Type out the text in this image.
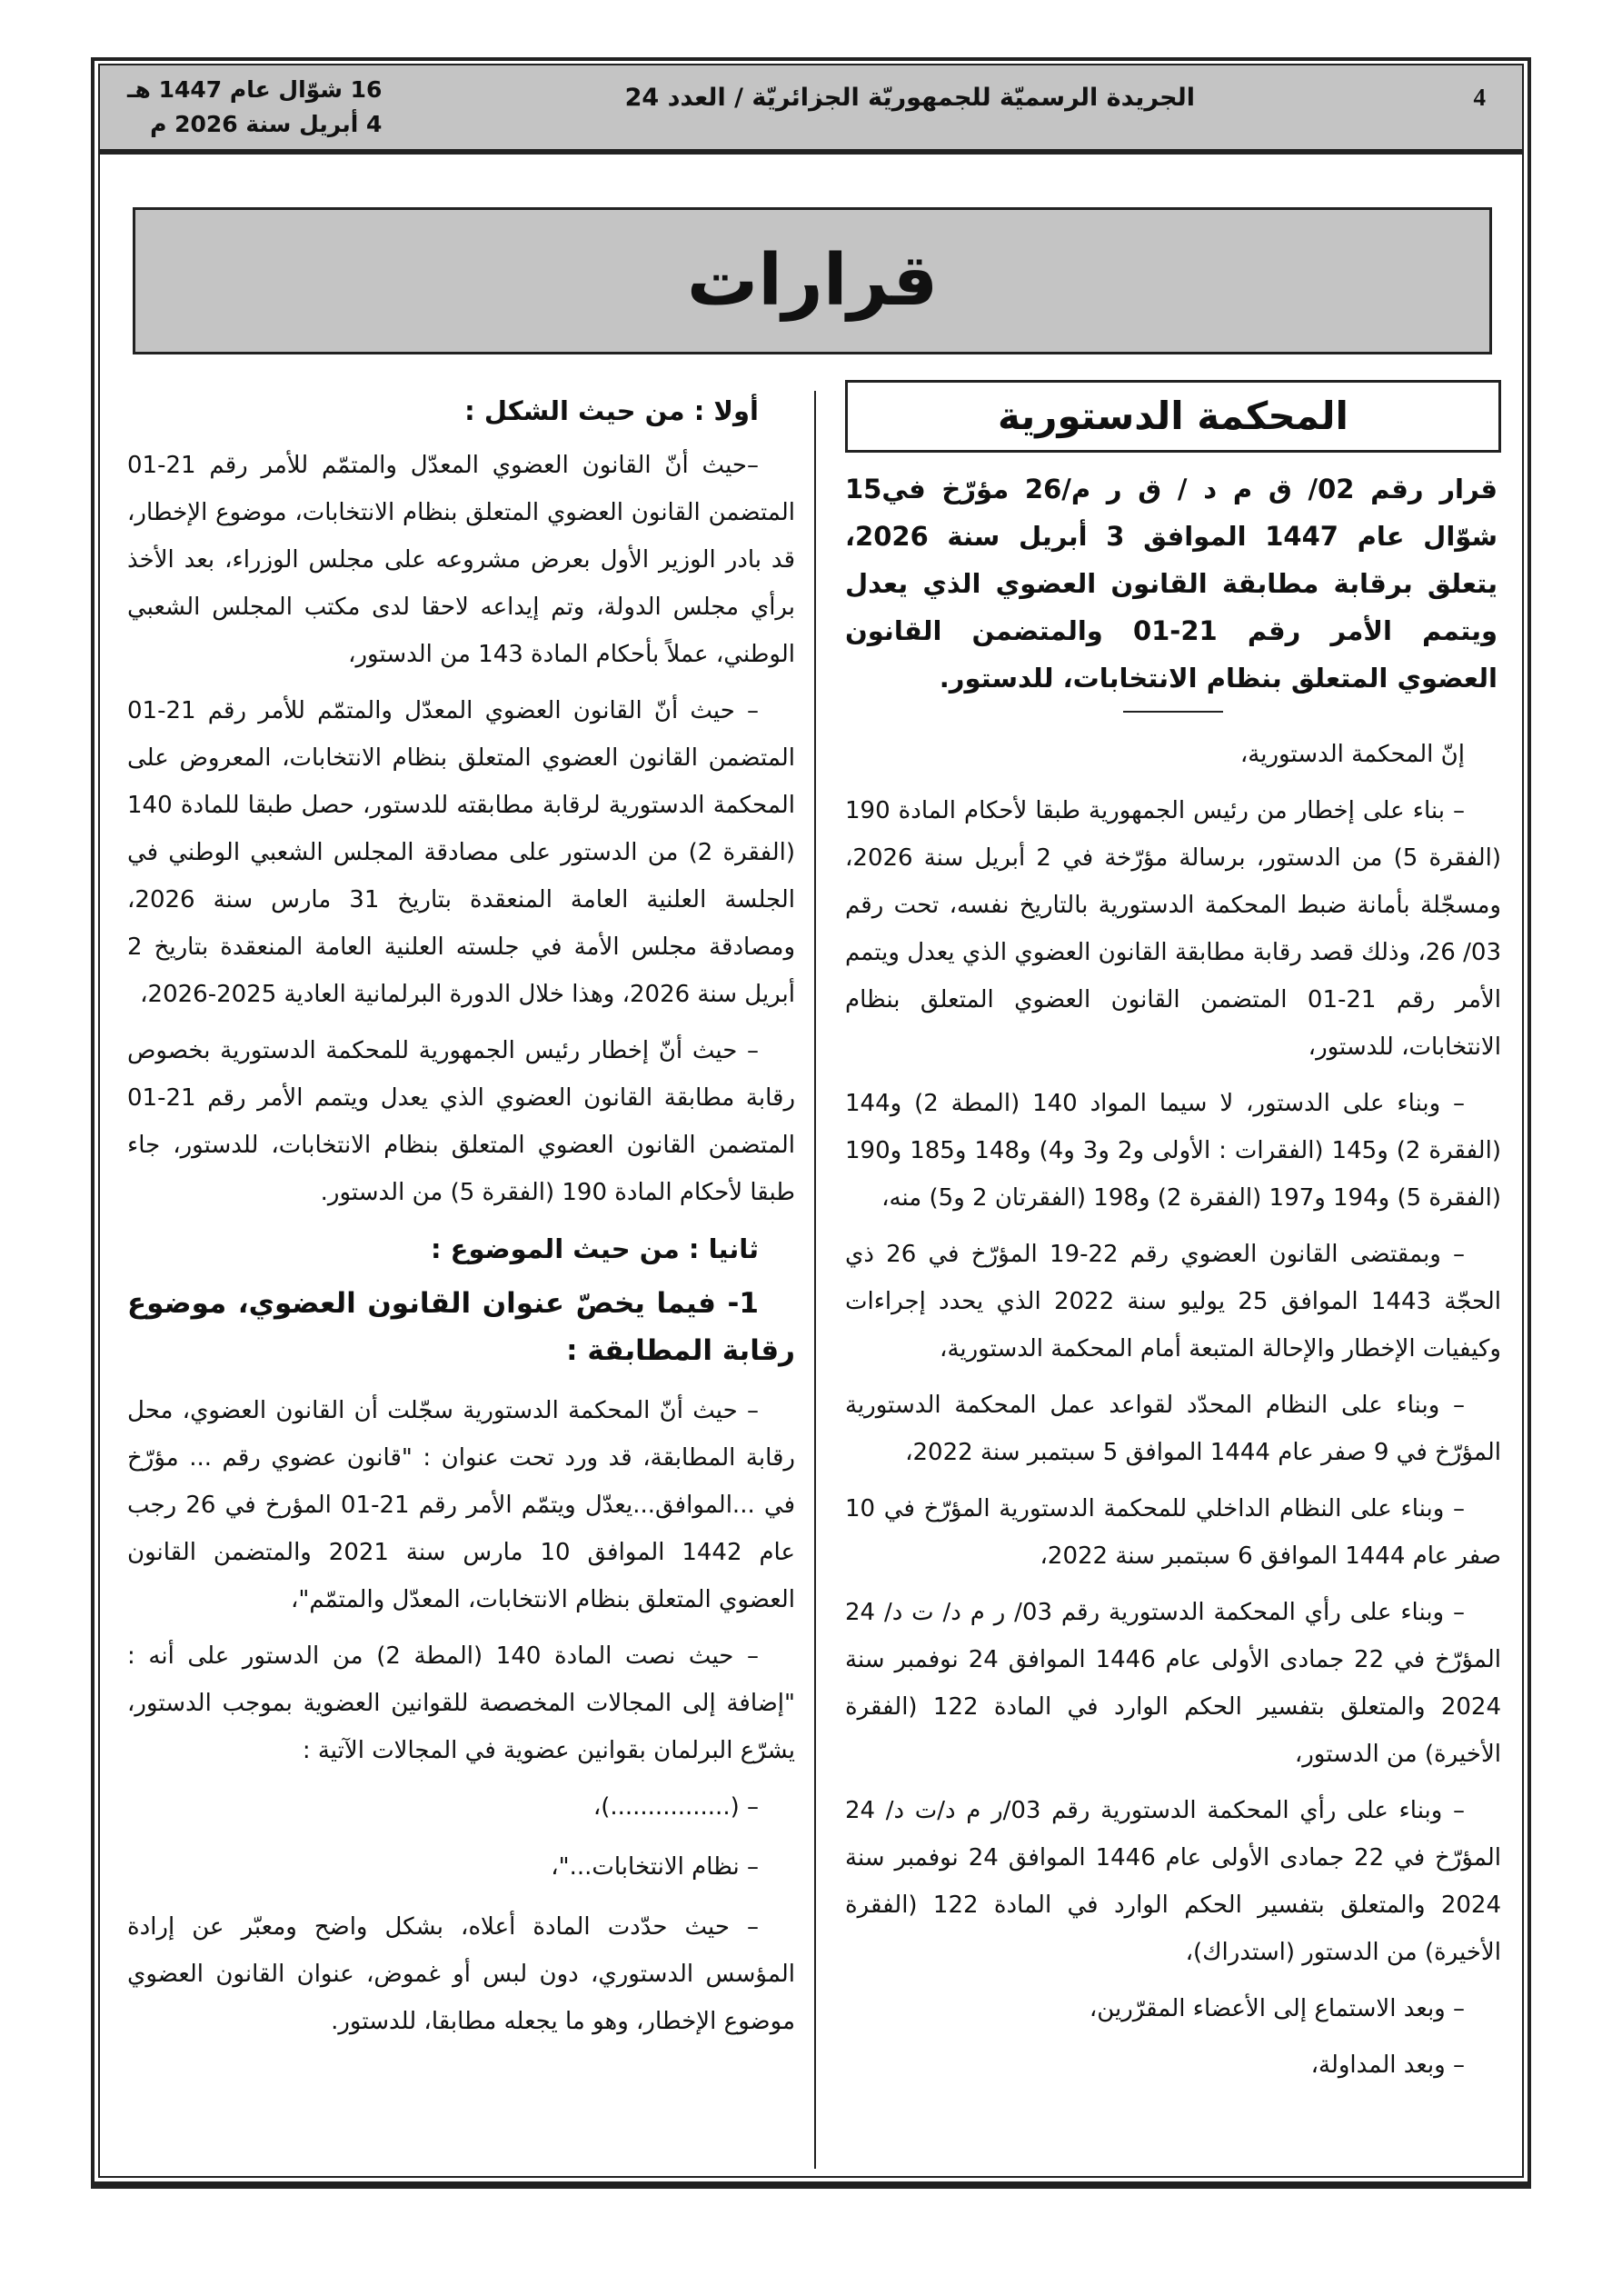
4
الجريدة الرسميّة للجمهوريّة الجزائريّة / العدد 24
16 شوّال عام 1447 هـ
4 أبريل سنة 2026 م
قرارات
المحكمة الدستورية
قرار رقم 02/ ق م د / ق ر م/26 مؤرّخ في15 شوّال عام 1447 الموافق 3 أبريل سنة 2026، يتعلق برقابة مطابقة القانون العضوي الذي يعدل ويتمم الأمر رقم 21-01 والمتضمن القانون العضوي المتعلق بنظام الانتخابات، للدستور.

إنّ المحكمة الدستورية،

– بناء على إخطار من رئيس الجمهورية طبقا لأحكام المادة 190 (الفقرة 5) من الدستور، برسالة مؤرّخة في 2 أبريل سنة 2026، ومسجّلة بأمانة ضبط المحكمة الدستورية بالتاريخ نفسه، تحت رقم 03/ 26، وذلك قصد رقابة مطابقة القانون العضوي الذي يعدل ويتمم الأمر رقم 21-01 المتضمن القانون العضوي المتعلق بنظام الانتخابات، للدستور،

– وبناء على الدستور، لا سيما المواد 140 (المطة 2) و144 (الفقرة 2) و145 (الفقرات : الأولى و2 و3 و4) و148 و185 و190 (الفقرة 5) و194 و197 (الفقرة 2) و198 (الفقرتان 2 و5) منه،

– وبمقتضى القانون العضوي رقم 22-19 المؤرّخ في 26 ذي الحجّة 1443 الموافق 25 يوليو سنة 2022 الذي يحدد إجراءات وكيفيات الإخطار والإحالة المتبعة أمام المحكمة الدستورية،

– وبناء على النظام المحدّد لقواعد عمل المحكمة الدستورية المؤرّخ في 9 صفر عام 1444 الموافق 5 سبتمبر سنة 2022،

– وبناء على النظام الداخلي للمحكمة الدستورية المؤرّخ في 10 صفر عام 1444 الموافق 6 سبتمبر سنة 2022،

– وبناء على رأي المحكمة الدستورية رقم 03/ ر م د/ ت د/ 24 المؤرّخ في 22 جمادى الأولى عام 1446 الموافق 24 نوفمبر سنة 2024 والمتعلق بتفسير الحكم الوارد في المادة 122 (الفقرة الأخيرة) من الدستور،

– وبناء على رأي المحكمة الدستورية رقم 03/ر م د/ت د/ 24 المؤرّخ في 22 جمادى الأولى عام 1446 الموافق 24 نوفمبر سنة 2024 والمتعلق بتفسير الحكم الوارد في المادة 122 (الفقرة الأخيرة) من الدستور (استدراك)،

– وبعد الاستماع إلى الأعضاء المقرّرين،

– وبعد المداولة،

أولا : من حيث الشكل :

–حيث أنّ القانون العضوي المعدّل والمتمّم للأمر رقم 21-01 المتضمن القانون العضوي المتعلق بنظام الانتخابات، موضوع الإخطار، قد بادر الوزير الأول بعرض مشروعه على مجلس الوزراء، بعد الأخذ برأي مجلس الدولة، وتم إيداعه لاحقا لدى مكتب المجلس الشعبي الوطني، عملاً بأحكام المادة 143 من الدستور،

– حيث أنّ القانون العضوي المعدّل والمتمّم للأمر رقم 21-01 المتضمن القانون العضوي المتعلق بنظام الانتخابات، المعروض على المحكمة الدستورية لرقابة مطابقته للدستور، حصل طبقا للمادة 140 (الفقرة 2) من الدستور على مصادقة المجلس الشعبي الوطني في الجلسة العلنية العامة المنعقدة بتاريخ 31 مارس سنة 2026، ومصادقة مجلس الأمة في جلسته العلنية العامة المنعقدة بتاريخ 2 أبريل سنة 2026، وهذا خلال الدورة البرلمانية العادية 2025-2026،

– حيث أنّ إخطار رئيس الجمهورية للمحكمة الدستورية بخصوص رقابة مطابقة القانون العضوي الذي يعدل ويتمم الأمر رقم 21-01 المتضمن القانون العضوي المتعلق بنظام الانتخابات، للدستور، جاء طبقا لأحكام المادة 190 (الفقرة 5) من الدستور.

ثانيا : من حيث الموضوع :
1- فيما يخصّ عنوان القانون العضوي، موضوع رقابة المطابقة :

– حيث أنّ المحكمة الدستورية سجّلت أن القانون العضوي، محل رقابة المطابقة، قد ورد تحت عنوان : "قانون عضوي رقم ... مؤرّخ في ...الموافق...يعدّل ويتمّم الأمر رقم 21-01 المؤرخ في 26 رجب عام 1442 الموافق 10 مارس سنة 2021 والمتضمن القانون العضوي المتعلق بنظام الانتخابات، المعدّل والمتمّم"،

– حيث نصت المادة 140 (المطة 2) من الدستور على أنه : "إضافة إلى المجالات المخصصة للقوانين العضوية بموجب الدستور، يشرّع البرلمان بقوانين عضوية في المجالات الآتية :

– (................)،

– نظام الانتخابات..."،

– حيث حدّدت المادة أعلاه، بشكل واضح ومعبّر عن إرادة المؤسس الدستوري، دون لبس أو غموض، عنوان القانون العضوي موضوع الإخطار، وهو ما يجعله مطابقا، للدستور.
